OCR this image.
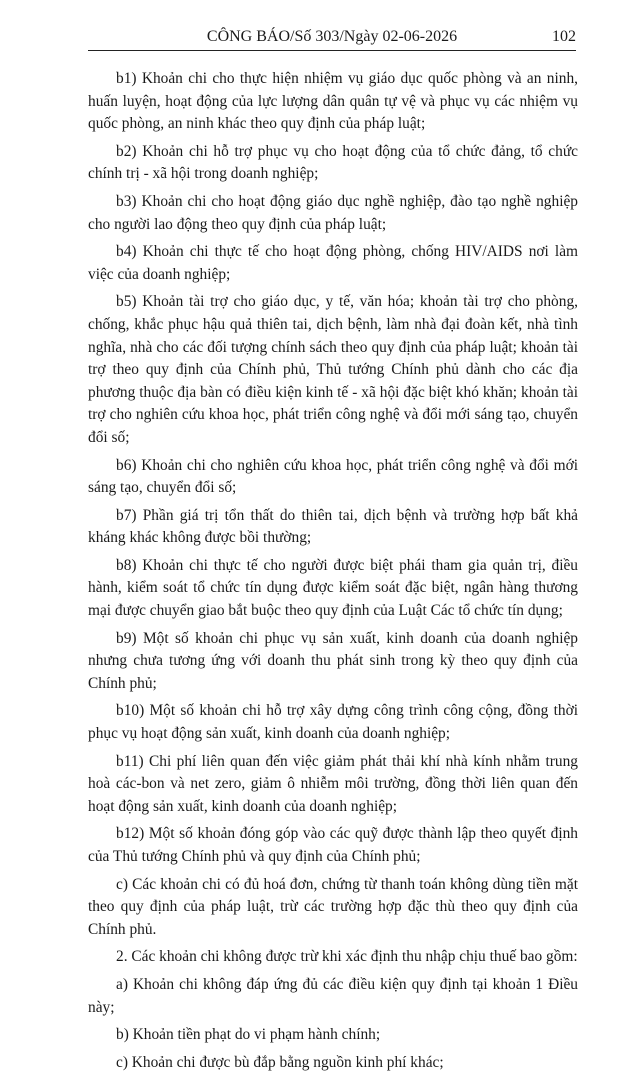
CÔNG BÁO/Số 303/Ngày 02-06-2026	102

b1) Khoản chi cho thực hiện nhiệm vụ giáo dục quốc phòng và an ninh, huấn luyện, hoạt động của lực lượng dân quân tự vệ và phục vụ các nhiệm vụ quốc phòng, an ninh khác theo quy định của pháp luật;

b2) Khoản chi hỗ trợ phục vụ cho hoạt động của tổ chức đảng, tổ chức chính trị - xã hội trong doanh nghiệp;

b3) Khoản chi cho hoạt động giáo dục nghề nghiệp, đào tạo nghề nghiệp cho người lao động theo quy định của pháp luật;

b4) Khoản chi thực tế cho hoạt động phòng, chống HIV/AIDS nơi làm việc của doanh nghiệp;

b5) Khoản tài trợ cho giáo dục, y tế, văn hóa; khoản tài trợ cho phòng, chống, khắc phục hậu quả thiên tai, dịch bệnh, làm nhà đại đoàn kết, nhà tình nghĩa, nhà cho các đối tượng chính sách theo quy định của pháp luật; khoản tài trợ theo quy định của Chính phủ, Thủ tướng Chính phủ dành cho các địa phương thuộc địa bàn có điều kiện kinh tế - xã hội đặc biệt khó khăn; khoản tài trợ cho nghiên cứu khoa học, phát triển công nghệ và đổi mới sáng tạo, chuyển đổi số;

b6) Khoản chi cho nghiên cứu khoa học, phát triển công nghệ và đổi mới sáng tạo, chuyển đổi số;

b7) Phần giá trị tổn thất do thiên tai, dịch bệnh và trường hợp bất khả kháng khác không được bồi thường;

b8) Khoản chi thực tế cho người được biệt phái tham gia quản trị, điều hành, kiểm soát tổ chức tín dụng được kiểm soát đặc biệt, ngân hàng thương mại được chuyển giao bắt buộc theo quy định của Luật Các tổ chức tín dụng;

b9) Một số khoản chi phục vụ sản xuất, kinh doanh của doanh nghiệp nhưng chưa tương ứng với doanh thu phát sinh trong kỳ theo quy định của Chính phủ;

b10) Một số khoản chi hỗ trợ xây dựng công trình công cộng, đồng thời phục vụ hoạt động sản xuất, kinh doanh của doanh nghiệp;

b11) Chi phí liên quan đến việc giảm phát thải khí nhà kính nhằm trung hoà các-bon và net zero, giảm ô nhiễm môi trường, đồng thời liên quan đến hoạt động sản xuất, kinh doanh của doanh nghiệp;

b12) Một số khoản đóng góp vào các quỹ được thành lập theo quyết định của Thủ tướng Chính phủ và quy định của Chính phủ;

c) Các khoản chi có đủ hoá đơn, chứng từ thanh toán không dùng tiền mặt theo quy định của pháp luật, trừ các trường hợp đặc thù theo quy định của Chính phủ.

2. Các khoản chi không được trừ khi xác định thu nhập chịu thuế bao gồm:

a) Khoản chi không đáp ứng đủ các điều kiện quy định tại khoản 1 Điều này;

b) Khoản tiền phạt do vi phạm hành chính;

c) Khoản chi được bù đắp bằng nguồn kinh phí khác;
